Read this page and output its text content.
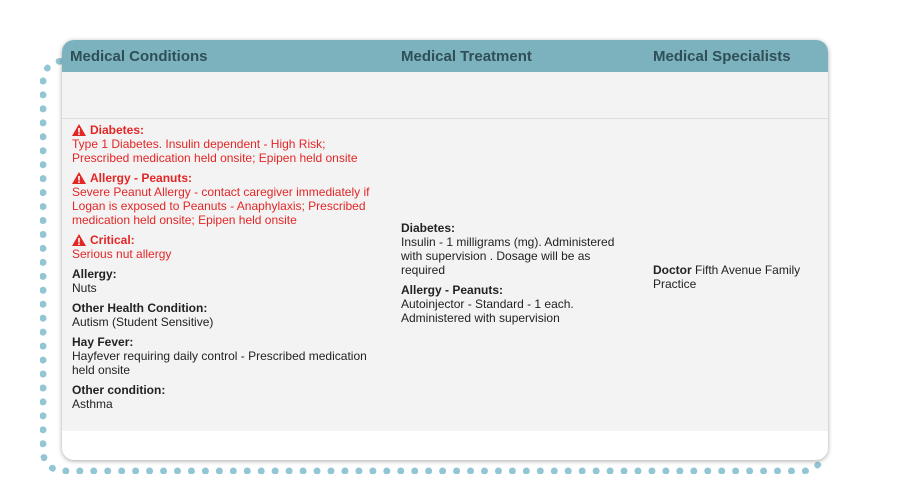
Medical Conditions	Medical Treatment	Medical Specialists
Diabetes:
Type 1 Diabetes. Insulin dependent - High Risk; Prescribed medication held onsite; Epipen held onsite
Allergy - Peanuts:
Severe Peanut Allergy - contact caregiver immediately if Logan is exposed to Peanuts - Anaphylaxis; Prescribed medication held onsite; Epipen held onsite
Critical:
Serious nut allergy
Allergy:
Nuts
Other Health Condition:
Autism (Student Sensitive)
Hay Fever:
Hayfever requiring daily control - Prescribed medication held onsite
Other condition:
Asthma
Diabetes:
Insulin - 1 milligrams (mg). Administered with supervision . Dosage will be as required
Allergy - Peanuts:
Autoinjector - Standard - 1 each. Administered with supervision
Doctor Fifth Avenue Family Practice
